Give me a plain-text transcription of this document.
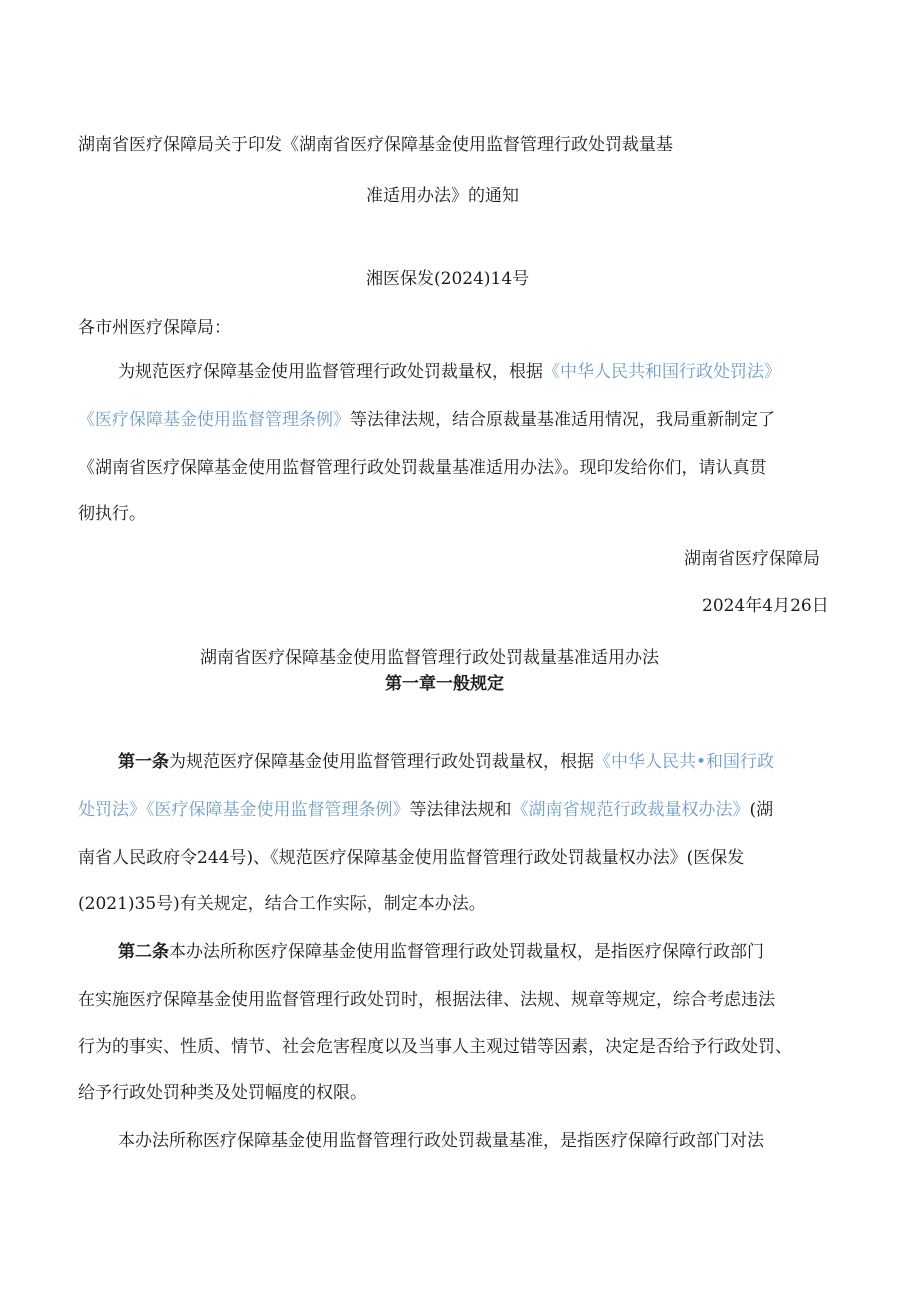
湖南省医疗保障局关于印发《湖南省医疗保障基金使用监督管理行政处罚裁量基
准适用办法》的通知
湘医保发(2024)14号
各市州医疗保障局：
为规范医疗保障基金使用监督管理行政处罚裁量权，根据《中华人民共和国行政处罚法》
《医疗保障基金使用监督管理条例》等法律法规，结合原裁量基准适用情况，我局重新制定了
《湖南省医疗保障基金使用监督管理行政处罚裁量基准适用办法》。现印发给你们，请认真贯
彻执行。
湖南省医疗保障局
2024年4月26日
湖南省医疗保障基金使用监督管理行政处罚裁量基准适用办法
第一章一般规定
第一条为规范医疗保障基金使用监督管理行政处罚裁量权，根据《中华人民共•和国行政
处罚法》《医疗保障基金使用监督管理条例》等法律法规和《湖南省规范行政裁量权办法》(湖
南省人民政府令244号)、《规范医疗保障基金使用监督管理行政处罚裁量权办法》(医保发
(2021)35号)有关规定，结合工作实际，制定本办法。
第二条本办法所称医疗保障基金使用监督管理行政处罚裁量权，是指医疗保障行政部门
在实施医疗保障基金使用监督管理行政处罚时，根据法律、法规、规章等规定，综合考虑违法
行为的事实、性质、情节、社会危害程度以及当事人主观过错等因素，决定是否给予行政处罚、
给予行政处罚种类及处罚幅度的权限。
本办法所称医疗保障基金使用监督管理行政处罚裁量基准，是指医疗保障行政部门对法
